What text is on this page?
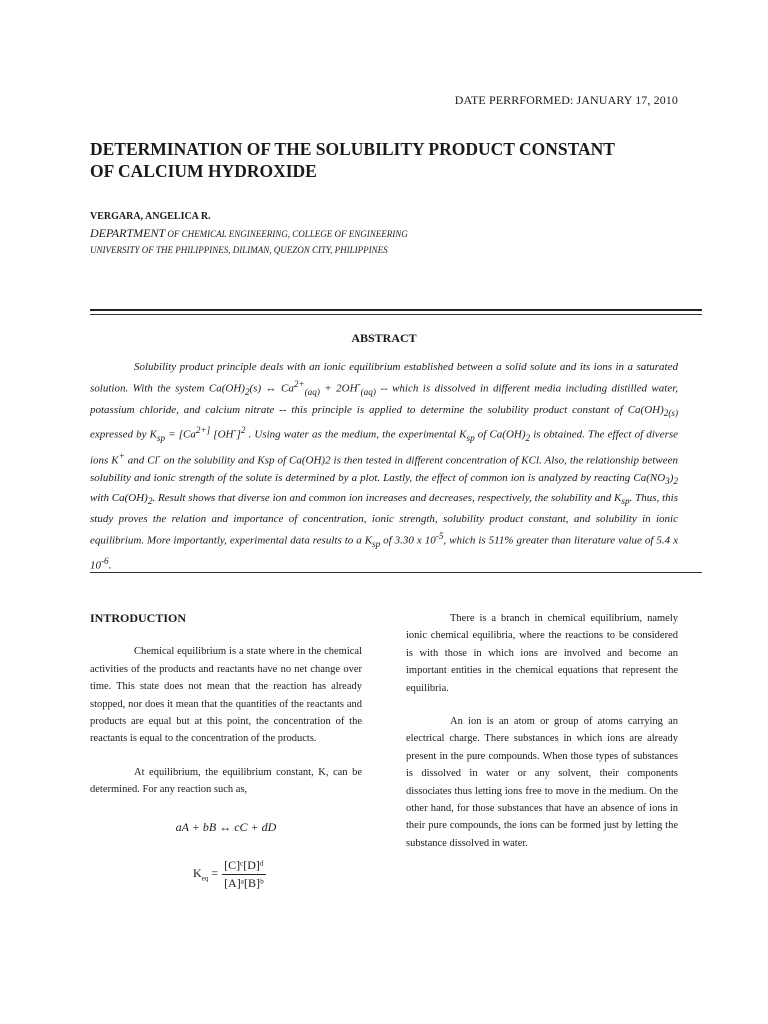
DATE PERRFORMED: JANUARY 17, 2010
DETERMINATION OF THE SOLUBILITY PRODUCT CONSTANT
OF CALCIUM HYDROXIDE
VERGARA, ANGELICA R.
DEPARTMENT OF CHEMICAL ENGINEERING, COLLEGE OF ENGINEERING
UNIVERSITY OF THE PHILIPPINES, DILIMAN, QUEZON CITY, PHILIPPINES
ABSTRACT

Solubility product principle deals with an ionic equilibrium established between a solid solute and its ions in a saturated solution. With the system $Ca(OH)_2(s)$ ↔ $Ca^{2+}_{(aq)} + 2OH^-_{(aq)}$ -- which is dissolved in different media including distilled water, potassium chloride, and calcium nitrate -- this principle is applied to determine the solubility product constant of $Ca(OH)_{2(s)}$ expressed by $K_{sp} = [Ca^{2+]}$ $[OH^-]^2$ . Using water as the medium, the experimental $K_{sp}$ of $Ca(OH)_2$ is obtained. The effect of diverse ions K+ and Cl- on the solubility and Ksp of Ca(OH)2 is then tested in different concentration of KCl. Also, the relationship between solubility and ionic strength of the solute is determined by a plot. Lastly, the effect of common ion is analyzed by reacting $Ca(NO_3)_2$ with $Ca(OH)_2$. Result shows that diverse ion and common ion increases and decreases, respectively, the solubility and $K_{sp}$. Thus, this study proves the relation and importance of concentration, ionic strength, solubility product constant, and solubility in ionic equilibrium. More importantly, experimental data results to a $K_{sp}$ of 3.30 x $10^{-5}$, which is 511% greater than literature value of 5.4 x $10^{-6}$.

INTRODUCTION

Chemical equilibrium is a state where in the chemical activities of the products and reactants have no net change over time. This state does not mean that the reaction has already stopped, nor does it mean that the quantities of the reactants and products are equal but at this point, the concentration of the reactants is equal to the concentration of the products.

At equilibrium, the equilibrium constant, K, can be determined. For any reaction such as,

aA + bB ↔ cC + dD
$K_{eq} = \frac{\text{[C]ᶜ[D]ᵈ}}{\text{[A]ᵃ[B]ᵇ}}$

There is a branch in chemical equilibrium, namely ionic chemical equilibria, where the reactions to be considered is with those in which ions are involved and become an important entities in the chemical equations that represent the equilibria.

An ion is an atom or group of atoms carrying an electrical charge. There substances in which ions are already present in the pure compounds. When those types of substances is dissolved in water or any solvent, their components dissociates thus letting ions free to move in the medium. On the other hand, for those substances that have an absence of ions in their pure compounds, the ions can be formed just by letting the substance dissolved in water.
